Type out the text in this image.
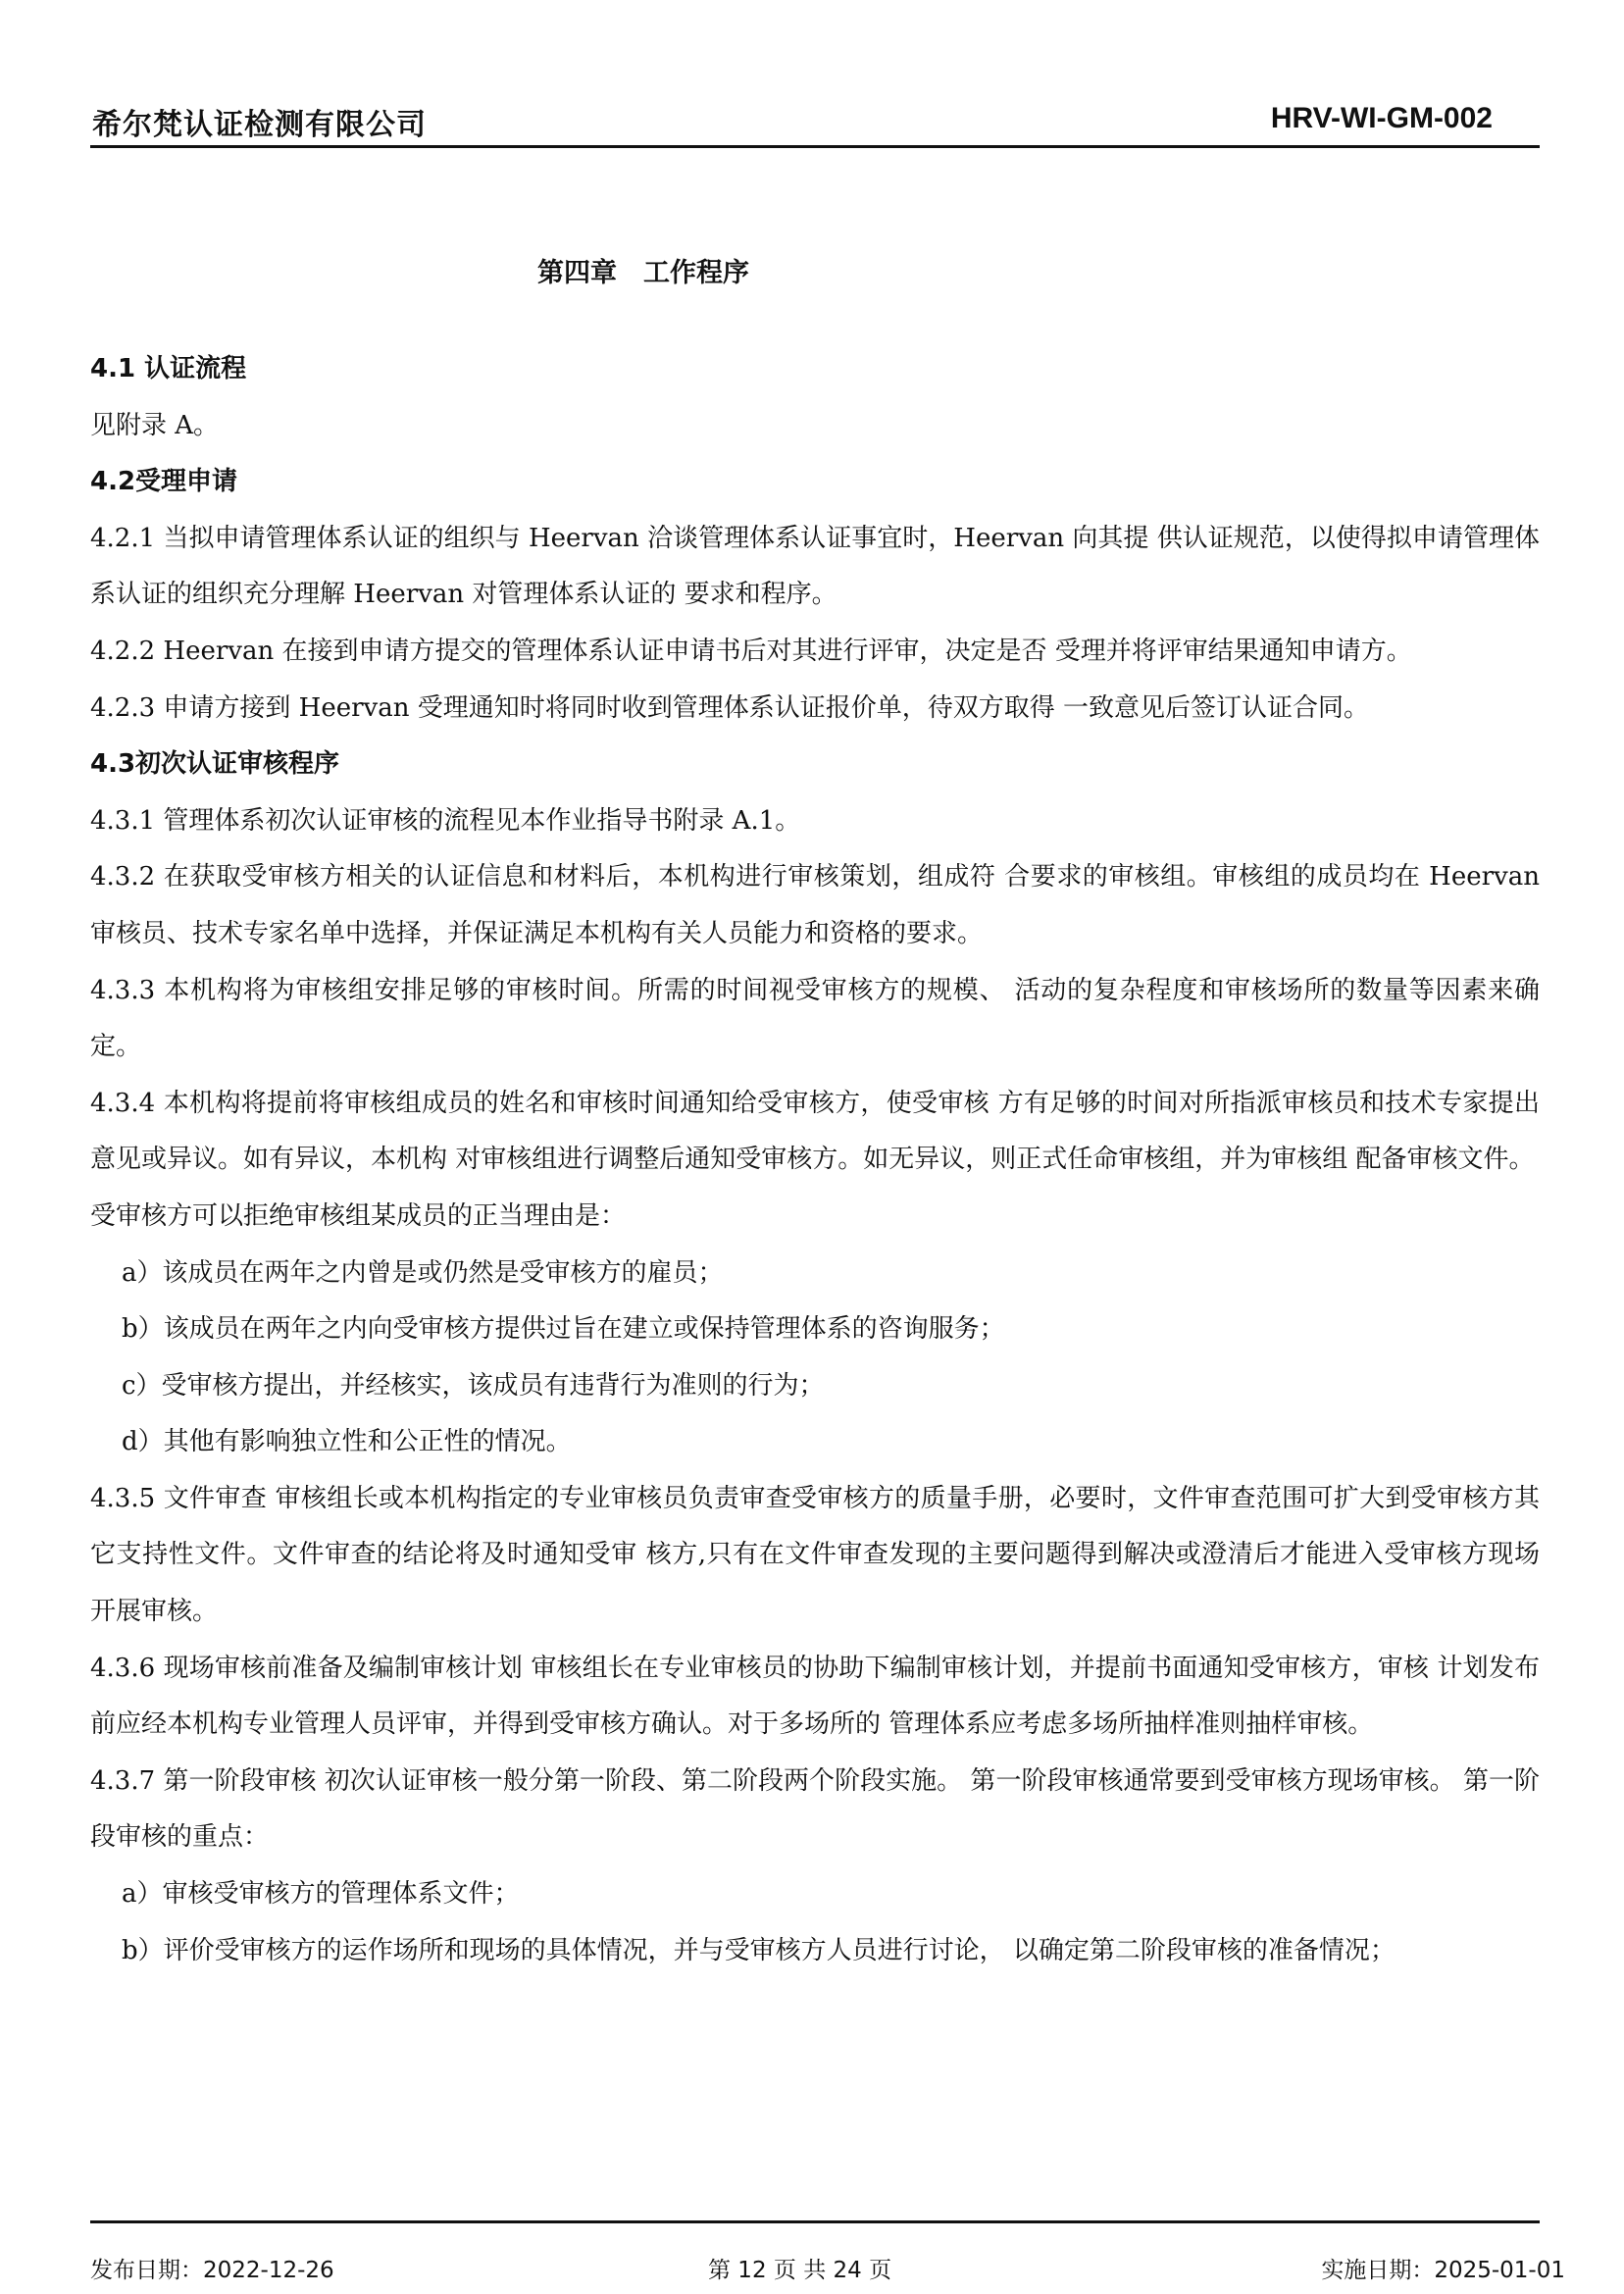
希尔梵认证检测有限公司	HRV-WI-GM-002
第四章　工作程序

4.1 认证流程

见附录 A。

4.2受理申请

4.2.1 当拟申请管理体系认证的组织与 Heervan 洽谈管理体系认证事宜时，Heervan 向其提 供认证规范，以使得拟申请管理体系认证的组织充分理解 Heervan 对管理体系认证的 要求和程序。

4.2.2 Heervan 在接到申请方提交的管理体系认证申请书后对其进行评审，决定是否 受理并将评审结果通知申请方。

4.2.3 申请方接到 Heervan 受理通知时将同时收到管理体系认证报价单，待双方取得 一致意见后签订认证合同。

4.3初次认证审核程序

4.3.1 管理体系初次认证审核的流程见本作业指导书附录 A.1。

4.3.2 在获取受审核方相关的认证信息和材料后，本机构进行审核策划，组成符 合要求的审核组。审核组的成员均在 Heervan 审核员、技术专家名单中选择，并保证满足本机构有关人员能力和资格的要求。

4.3.3 本机构将为审核组安排足够的审核时间。所需的时间视受审核方的规模、 活动的复杂程度和审核场所的数量等因素来确定。

4.3.4 本机构将提前将审核组成员的姓名和审核时间通知给受审核方，使受审核 方有足够的时间对所指派审核员和技术专家提出意见或异议。如有异议，本机构 对审核组进行调整后通知受审核方。如无异议，则正式任命审核组，并为审核组 配备审核文件。

受审核方可以拒绝审核组某成员的正当理由是：

a）该成员在两年之内曾是或仍然是受审核方的雇员；

b）该成员在两年之内向受审核方提供过旨在建立或保持管理体系的咨询服务；

c）受审核方提出，并经核实，该成员有违背行为准则的行为；

d）其他有影响独立性和公正性的情况。

4.3.5 文件审查 审核组长或本机构指定的专业审核员负责审查受审核方的质量手册，必要时，文件审查范围可扩大到受审核方其它支持性文件。文件审查的结论将及时通知受审 核方,只有在文件审查发现的主要问题得到解决或澄清后才能进入受审核方现场 开展审核。

4.3.6 现场审核前准备及编制审核计划 审核组长在专业审核员的协助下编制审核计划，并提前书面通知受审核方，审核 计划发布前应经本机构专业管理人员评审，并得到受审核方确认。对于多场所的 管理体系应考虑多场所抽样准则抽样审核。

4.3.7 第一阶段审核 初次认证审核一般分第一阶段、第二阶段两个阶段实施。 第一阶段审核通常要到受审核方现场审核。 第一阶段审核的重点：

a）审核受审核方的管理体系文件；

b）评价受审核方的运作场所和现场的具体情况，并与受审核方人员进行讨论， 以确定第二阶段审核的准备情况；

发布日期：2022-12-26	第 12 页 共 24 页	实施日期：2025-01-01
